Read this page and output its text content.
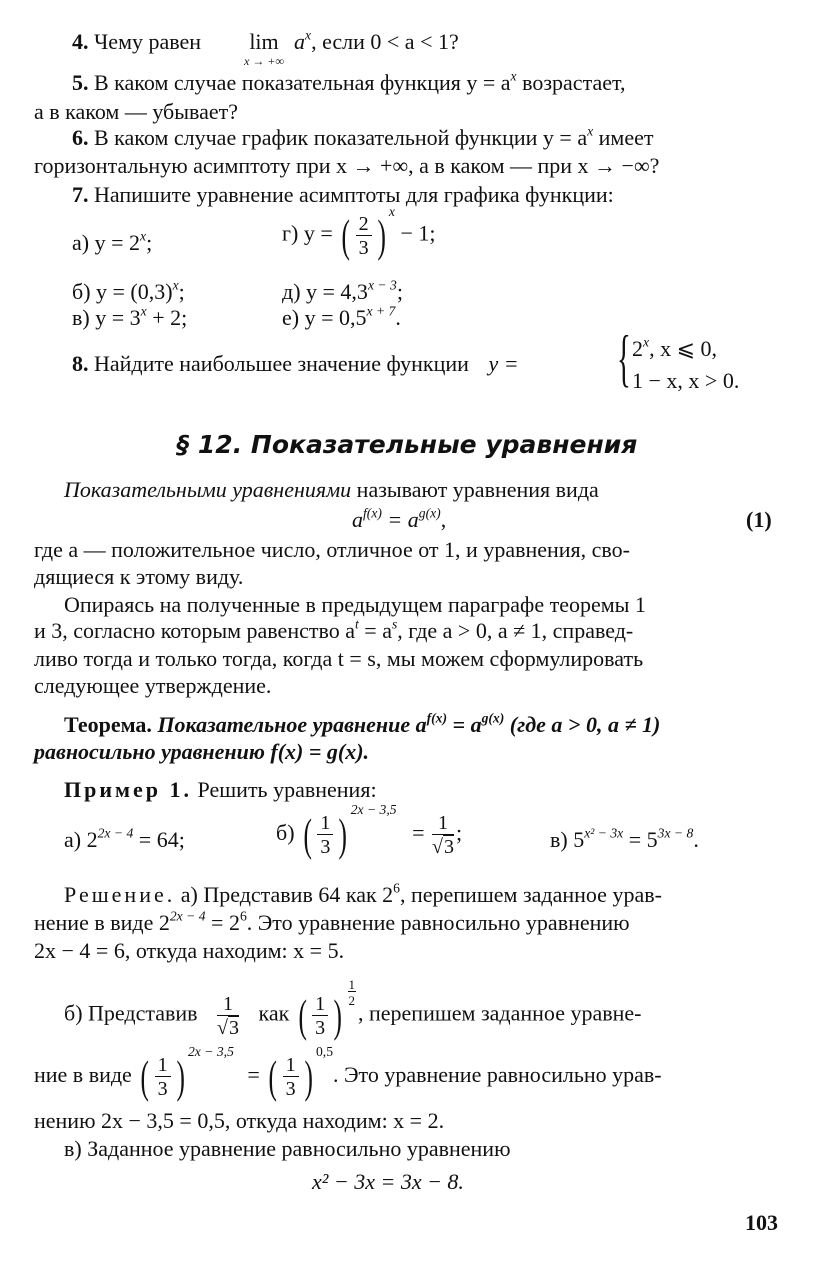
4. Чему равен lim
x → +∞
$a^x$, если 0 < a < 1?
5. В каком случае показательная функция $y = a^x$ возрастает,
а в каком — убывает?
6. В каком случае график показательной функции $y = a^x$ имеет
горизонтальную асимптоту при x → +∞, а в каком — при x → −∞?
7. Напишите уравнение асимптоты для графика функции:
а) $y = 2^x$;	г) y = ( $\frac{2}{3}$ ) $^x$ − 1;
б) $y = (0,3)^x$;	д) $y = 4,3^{x - 3}$;
в) $y = 3^x + 2$;	е) $y = 0,5^{x + 7}$.
8. Найдите наибольшее значение функции y = { 2$^x$, x ⩽ 0,
1 − x, x > 0.
§ 12. Показательные уравнения
Показательными уравнениями называют уравнения вида
$a^{f(x)} = a^{g(x)}$,	(1)
где a — положительное число, отличное от 1, и уравнения, сво-
дящиеся к этому виду.
Опираясь на полученные в предыдущем параграфе теоремы 1
и 3, согласно которым равенство $a^t = a^s$, где a > 0, a ≠ 1, справед-
ливо тогда и только тогда, когда t = s, мы можем сформулировать
следующее утверждение.
Теорема. Показательное уравнение $a^{f(x)} = a^{g(x)}$ (где a > 0, a ≠ 1)
равносильно уравнению f(x) = g(x).
Пример 1. Решить уравнения:
а) $2^{2x - 4} = 64$;	б) ( $\frac{1}{3}$ ) $^{2x - 3,5} = \frac{1}{√3}$ ;	в) $5^{x^2 - 3x} = 5^{3x - 8}$.
Решение. а) Представив 64 как $2^6$, перепишем заданное урав-
нение в виде $2^{2x - 4} = 2^6$. Это уравнение равносильно уравнению
2x − 4 = 6, откуда находим: x = 5.
б) Представив $\frac{1}{√3}$ как ( $\frac{1}{3}$ ) $\frac{1}{2}$
, перепишем заданное уравне-
ние в виде ( $\frac{1}{3}$ ) $^{2x - 3,5}$ = ( $\frac{1}{3}$ ) $^{0,5}$. Это уравнение равносильно урав-
нению 2x − 3,5 = 0,5, откуда находим: x = 2.
в) Заданное уравнение равносильно уравнению
x² − 3x = 3x − 8.
103
